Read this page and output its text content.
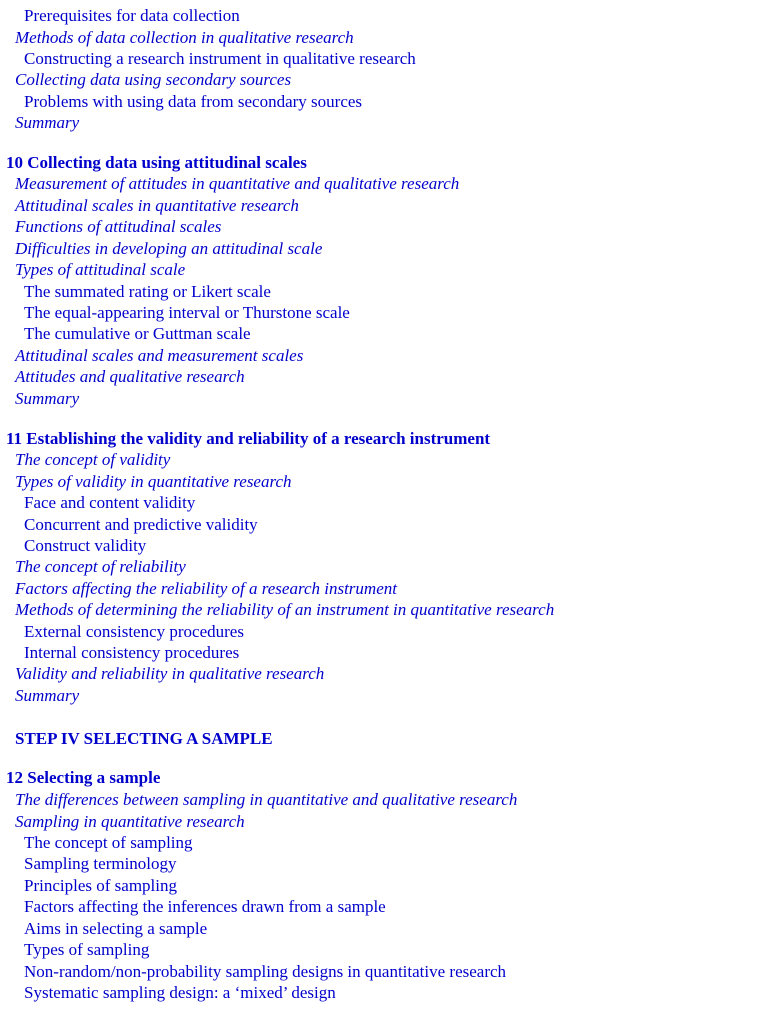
Prerequisites for data collection
Methods of data collection in qualitative research
Constructing a research instrument in qualitative research
Collecting data using secondary sources
Problems with using data from secondary sources
Summary
10 Collecting data using attitudinal scales
Measurement of attitudes in quantitative and qualitative research
Attitudinal scales in quantitative research
Functions of attitudinal scales
Difficulties in developing an attitudinal scale
Types of attitudinal scale
The summated rating or Likert scale
The equal-appearing interval or Thurstone scale
The cumulative or Guttman scale
Attitudinal scales and measurement scales
Attitudes and qualitative research
Summary
11 Establishing the validity and reliability of a research instrument
The concept of validity
Types of validity in quantitative research
Face and content validity
Concurrent and predictive validity
Construct validity
The concept of reliability
Factors affecting the reliability of a research instrument
Methods of determining the reliability of an instrument in quantitative research
External consistency procedures
Internal consistency procedures
Validity and reliability in qualitative research
Summary
STEP IV SELECTING A SAMPLE
12 Selecting a sample
The differences between sampling in quantitative and qualitative research
Sampling in quantitative research
The concept of sampling
Sampling terminology
Principles of sampling
Factors affecting the inferences drawn from a sample
Aims in selecting a sample
Types of sampling
Non-random/non-probability sampling designs in quantitative research
Systematic sampling design: a ‘mixed’ design
